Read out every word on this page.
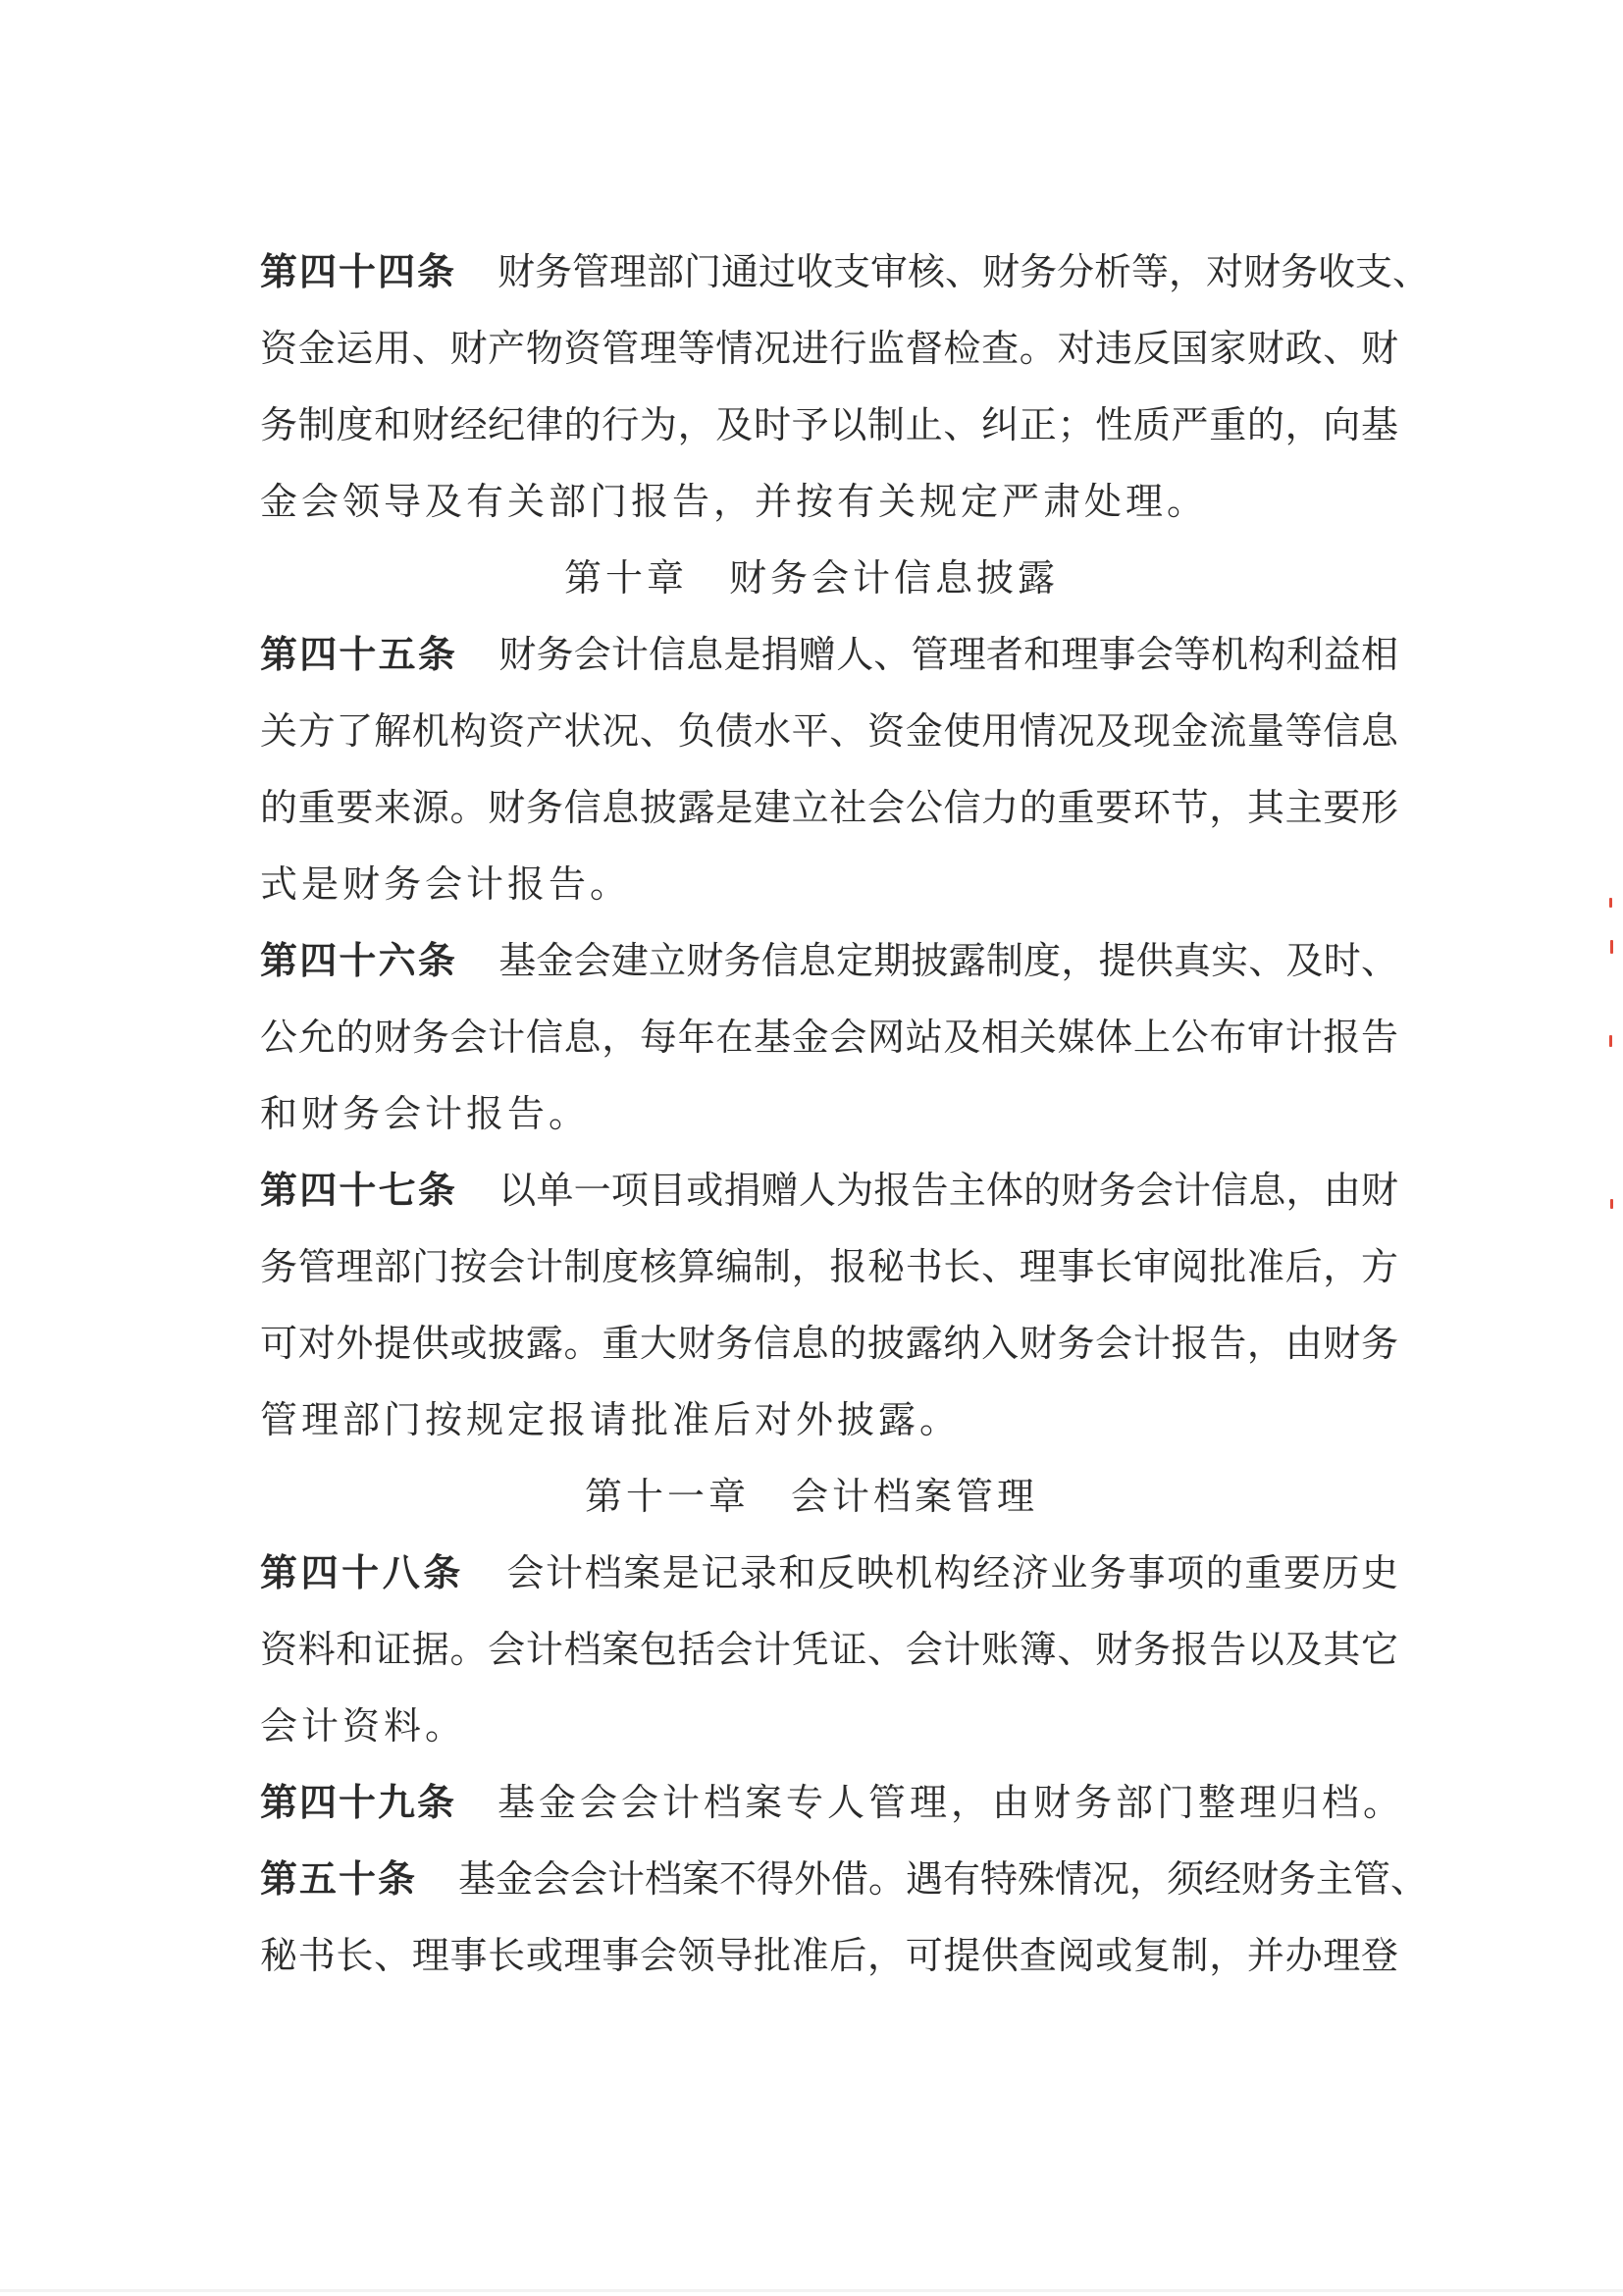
第四十四条 财务管理部门通过收支审核、财务分析等，对财务收支、
资金运用、财产物资管理等情况进行监督检查。对违反国家财政、财
务制度和财经纪律的行为，及时予以制止、纠正；性质严重的，向基
金会领导及有关部门报告，并按有关规定严肃处理。
第十章 财务会计信息披露
第四十五条 财务会计信息是捐赠人、管理者和理事会等机构利益相
关方了解机构资产状况、负债水平、资金使用情况及现金流量等信息
的重要来源。财务信息披露是建立社会公信力的重要环节，其主要形
式是财务会计报告。
第四十六条 基金会建立财务信息定期披露制度，提供真实、及时、
公允的财务会计信息，每年在基金会网站及相关媒体上公布审计报告
和财务会计报告。
第四十七条 以单一项目或捐赠人为报告主体的财务会计信息，由财
务管理部门按会计制度核算编制，报秘书长、理事长审阅批准后，方
可对外提供或披露。重大财务信息的披露纳入财务会计报告，由财务
管理部门按规定报请批准后对外披露。
第十一章 会计档案管理
第四十八条 会计档案是记录和反映机构经济业务事项的重要历史
资料和证据。会计档案包括会计凭证、会计账簿、财务报告以及其它
会计资料。
第四十九条 基金会会计档案专人管理，由财务部门整理归档。
第五十条 基金会会计档案不得外借。遇有特殊情况，须经财务主管、
秘书长、理事长或理事会领导批准后，可提供查阅或复制，并办理登
